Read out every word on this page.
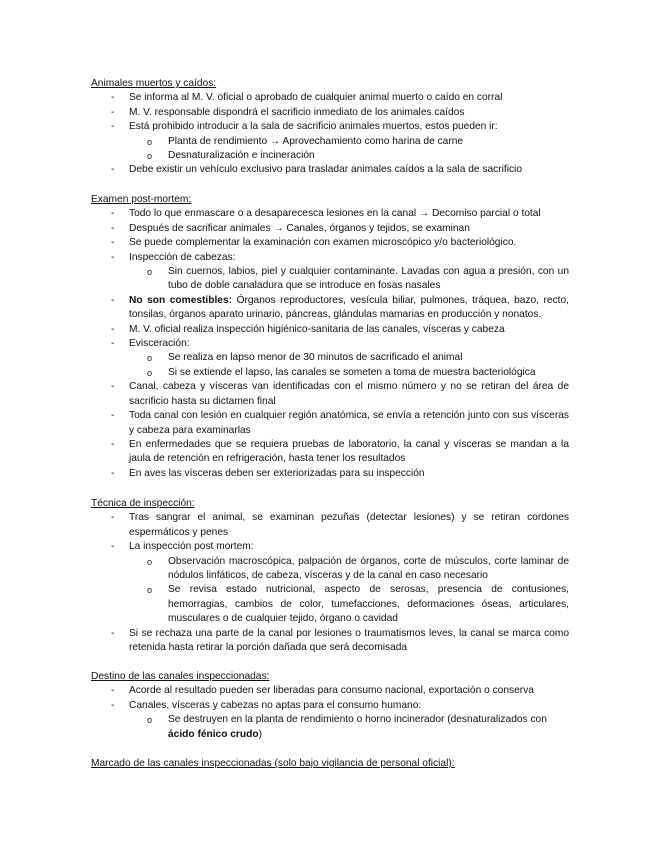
Animales muertos y caídos:
- Se informa al M. V. oficial o aprobado de cualquier animal muerto o caído en corral
- M. V. responsable dispondrá el sacrificio inmediato de los animales caídos
- Está prohibido introducir a la sala de sacrificio animales muertos, estos pueden ir:
o Planta de rendimiento → Aprovechamiento como harina de carne
o Desnaturalización e incineración
- Debe existir un vehículo exclusivo para trasladar animales caídos a la sala de sacrificio
Examen post-mortem:
- Todo lo que enmascare o a desaparecesca lesiones en la canal → Decomiso parcial o total
- Después de sacrificar animales → Canales, órganos y tejidos, se examinan
- Se puede complementar la examinación con examen microscópico y/o bacteriológico.
- Inspección de cabezas:
o Sin cuernos, labios, piel y cualquier contaminante. Lavadas con agua a presión, con un tubo de doble canaladura que se introduce en fosas nasales
- No son comestibles: Órganos reproductores, vesícula biliar, pulmones, tráquea, bazo, recto, tonsilas, órganos aparato urinario, páncreas, glándulas mamarias en producción y nonatos.
- M. V. oficial realiza inspección higiénico-sanitaria de las canales, vísceras y cabeza
- Evisceración:
o Se realiza en lapso menor de 30 minutos de sacrificado el animal
o Si se extiende el lapso, las canales se someten a toma de muestra bacteriológica
- Canal, cabeza y vísceras van identificadas con el mismo número y no se retiran del área de sacrificio hasta su dictamen final
- Toda canal con lesión en cualquier región anatómica, se envía a retención junto con sus vísceras y cabeza para examinarlas
- En enfermedades que se requiera pruebas de laboratorio, la canal y vísceras se mandan a la jaula de retención en refrigeración, hasta tener los resultados
- En aves las vísceras deben ser exteriorizadas para su inspección
Técnica de inspección:
- Tras sangrar el animal, se examinan pezuñas (detectar lesiones) y se retiran cordones espermáticos y penes
- La inspección post mortem:
o Observación macroscópica, palpación de órganos, corte de músculos, corte laminar de nódulos linfáticos, de cabeza, vísceras y de la canal en caso necesario
o Se revisa estado nutricional, aspecto de serosas, presencia de contusiones, hemorragias, cambios de color, tumefacciones, deformaciones óseas, articulares, musculares o de cualquier tejido, órgano o cavidad
- Si se rechaza una parte de la canal por lesiones o traumatismos leves, la canal se marca como retenida hasta retirar la porción dañada que será decomisada
Destino de las canales inspeccionadas:
- Acorde al resultado pueden ser liberadas para consumo nacional, exportación o conserva
- Canales, vísceras y cabezas no aptas para el consumo humano:
o Se destruyen en la planta de rendimiento o horno incinerador (desnaturalizados con ácido fénico crudo)
Marcado de las canales inspeccionadas (solo bajo vigilancia de personal oficial):
